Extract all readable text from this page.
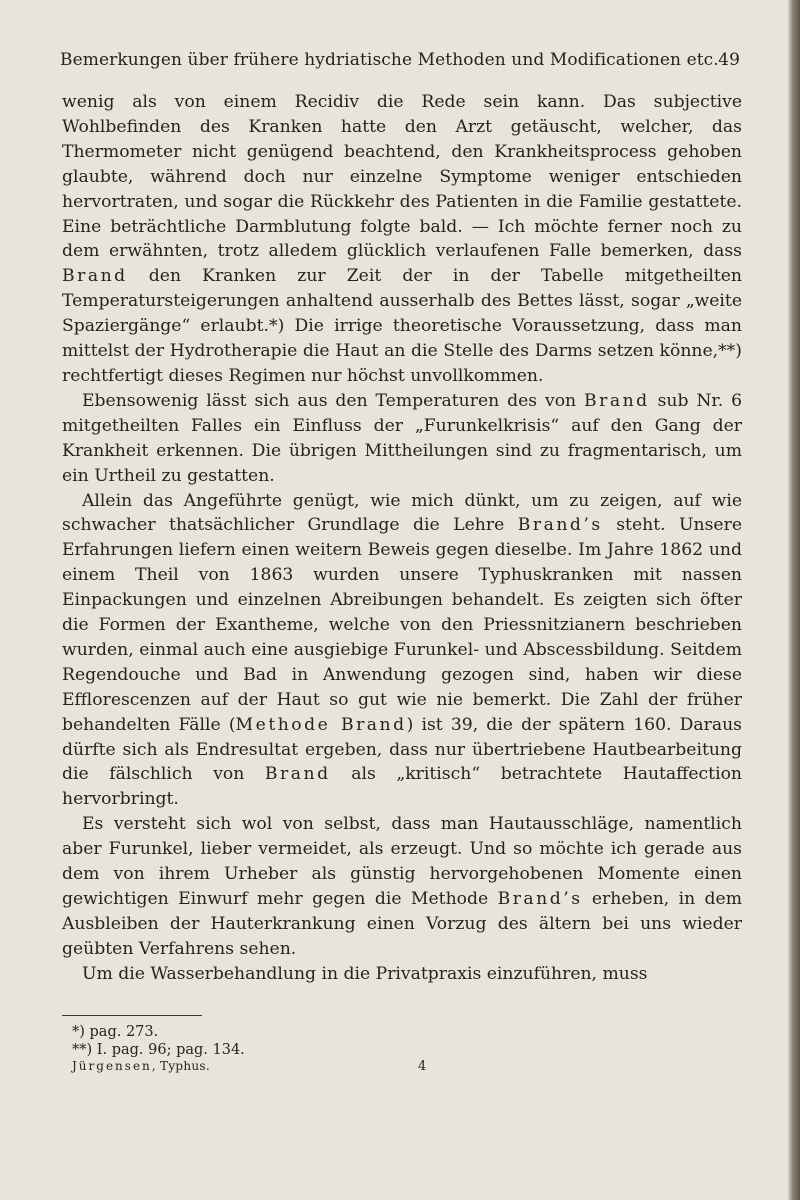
Bemerkungen über frühere hydriatische Methoden und Modificationen etc. 49

wenig als von einem Recidiv die Rede sein kann. Das subjective Wohlbefinden des Kranken hatte den Arzt getäuscht, welcher, das Thermometer nicht genügend beachtend, den Krankheitsprocess gehoben glaubte, während doch nur einzelne Symptome weniger entschieden hervortraten, und sogar die Rückkehr des Patienten in die Familie gestattete. Eine beträchtliche Darmblutung folgte bald. — Ich möchte ferner noch zu dem erwähnten, trotz alledem glücklich verlaufenen Falle bemerken, dass Brand den Kranken zur Zeit der in der Tabelle mitgetheilten Temperatursteigerungen anhaltend ausserhalb des Bettes lässt, sogar „weite Spaziergänge“ erlaubt.*) Die irrige theoretische Voraussetzung, dass man mittelst der Hydrotherapie die Haut an die Stelle des Darms setzen könne,**) rechtfertigt dieses Regimen nur höchst unvollkommen.

Ebensowenig lässt sich aus den Temperaturen des von Brand sub Nr. 6 mitgetheilten Falles ein Einfluss der „Furunkelkrisis“ auf den Gang der Krankheit erkennen. Die übrigen Mittheilungen sind zu fragmentarisch, um ein Urtheil zu gestatten.

Allein das Angeführte genügt, wie mich dünkt, um zu zeigen, auf wie schwacher thatsächlicher Grundlage die Lehre Brand’s steht. Unsere Erfahrungen liefern einen weitern Beweis gegen dieselbe. Im Jahre 1862 und einem Theil von 1863 wurden unsere Typhuskranken mit nassen Einpackungen und einzelnen Abreibungen behandelt. Es zeigten sich öfter die Formen der Exantheme, welche von den Priessnitzianern beschrieben wurden, einmal auch eine ausgiebige Furunkel- und Abscessbildung. Seitdem Regendouche und Bad in Anwendung gezogen sind, haben wir diese Efflorescenzen auf der Haut so gut wie nie bemerkt. Die Zahl der früher behandelten Fälle (Methode Brand) ist 39, die der spätern 160. Daraus dürfte sich als Endresultat ergeben, dass nur übertriebene Hautbearbeitung die fälschlich von Brand als „kritisch“ betrachtete Hautaffection hervorbringt.

Es versteht sich wol von selbst, dass man Hautausschläge, namentlich aber Furunkel, lieber vermeidet, als erzeugt. Und so möchte ich gerade aus dem von ihrem Urheber als günstig hervorgehobenen Momente einen gewichtigen Einwurf mehr gegen die Methode Brand’s erheben, in dem Ausbleiben der Hauterkrankung einen Vorzug des ältern bei uns wieder geübten Verfahrens sehen.

Um die Wasserbehandlung in die Privatpraxis einzuführen, muss

*) pag. 273.
**) I. pag. 96; pag. 134.
Jürgensen, Typhus.	4
